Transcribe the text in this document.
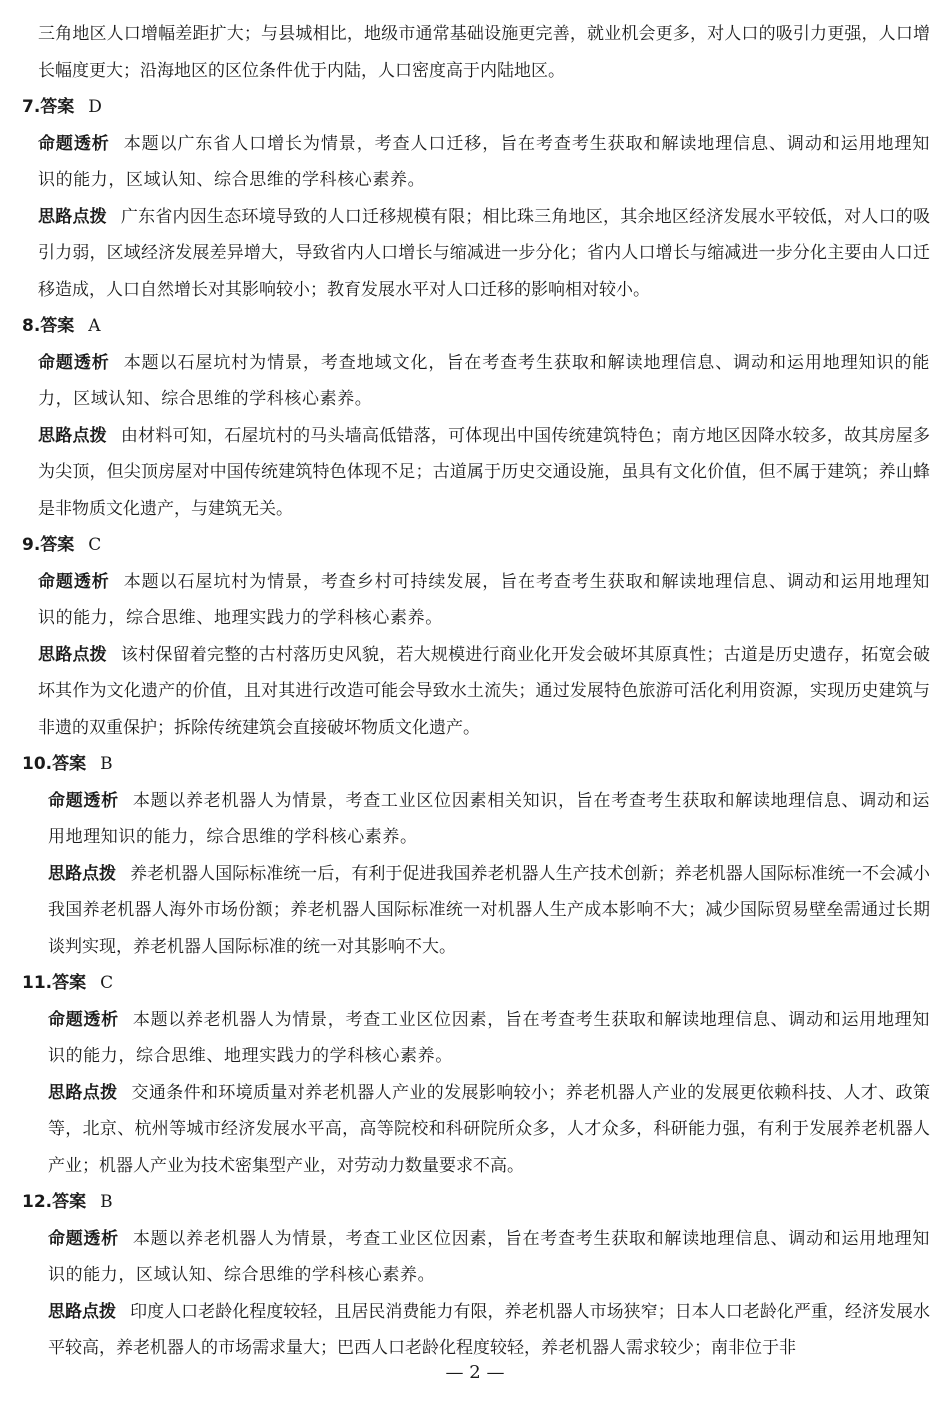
三角地区人口增幅差距扩大；与县城相比，地级市通常基础设施更完善，就业机会更多，对人口的吸引力更强，人口增长幅度更大；沿海地区的区位条件优于内陆，人口密度高于内陆地区。

7.答案 D

命题透析 本题以广东省人口增长为情景，考查人口迁移，旨在考查考生获取和解读地理信息、调动和运用地理知识的能力，区域认知、综合思维的学科核心素养。

思路点拨 广东省内因生态环境导致的人口迁移规模有限；相比珠三角地区，其余地区经济发展水平较低，对人口的吸引力弱，区域经济发展差异增大，导致省内人口增长与缩减进一步分化；省内人口增长与缩减进一步分化主要由人口迁移造成，人口自然增长对其影响较小；教育发展水平对人口迁移的影响相对较小。

8.答案 A

命题透析 本题以石屋坑村为情景，考查地域文化，旨在考查考生获取和解读地理信息、调动和运用地理知识的能力，区域认知、综合思维的学科核心素养。

思路点拨 由材料可知，石屋坑村的马头墙高低错落，可体现出中国传统建筑特色；南方地区因降水较多，故其房屋多为尖顶，但尖顶房屋对中国传统建筑特色体现不足；古道属于历史交通设施，虽具有文化价值，但不属于建筑；养山蜂是非物质文化遗产，与建筑无关。

9.答案 C

命题透析 本题以石屋坑村为情景，考查乡村可持续发展，旨在考查考生获取和解读地理信息、调动和运用地理知识的能力，综合思维、地理实践力的学科核心素养。

思路点拨 该村保留着完整的古村落历史风貌，若大规模进行商业化开发会破坏其原真性；古道是历史遗存，拓宽会破坏其作为文化遗产的价值，且对其进行改造可能会导致水土流失；通过发展特色旅游可活化利用资源，实现历史建筑与非遗的双重保护；拆除传统建筑会直接破坏物质文化遗产。

10.答案 B

命题透析 本题以养老机器人为情景，考查工业区位因素相关知识，旨在考查考生获取和解读地理信息、调动和运用地理知识的能力，综合思维的学科核心素养。

思路点拨 养老机器人国际标准统一后，有利于促进我国养老机器人生产技术创新；养老机器人国际标准统一不会减小我国养老机器人海外市场份额；养老机器人国际标准统一对机器人生产成本影响不大；减少国际贸易壁垒需通过长期谈判实现，养老机器人国际标准的统一对其影响不大。

11.答案 C

命题透析 本题以养老机器人为情景，考查工业区位因素，旨在考查考生获取和解读地理信息、调动和运用地理知识的能力，综合思维、地理实践力的学科核心素养。

思路点拨 交通条件和环境质量对养老机器人产业的发展影响较小；养老机器人产业的发展更依赖科技、人才、政策等，北京、杭州等城市经济发展水平高，高等院校和科研院所众多，人才众多，科研能力强，有利于发展养老机器人产业；机器人产业为技术密集型产业，对劳动力数量要求不高。

12.答案 B

命题透析 本题以养老机器人为情景，考查工业区位因素，旨在考查考生获取和解读地理信息、调动和运用地理知识的能力，区域认知、综合思维的学科核心素养。

思路点拨 印度人口老龄化程度较轻，且居民消费能力有限，养老机器人市场狭窄；日本人口老龄化严重，经济发展水平较高，养老机器人的市场需求量大；巴西人口老龄化程度较轻，养老机器人需求较少；南非位于非

— 2 —
